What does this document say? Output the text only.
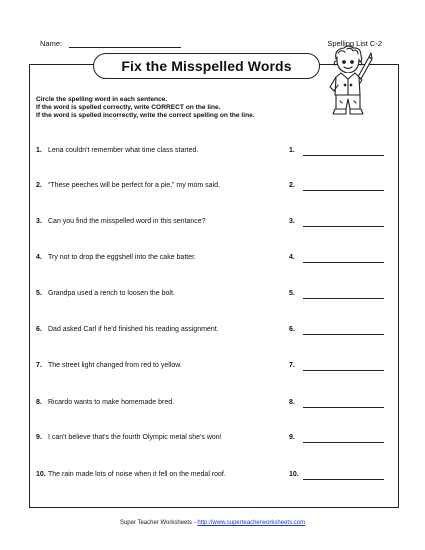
Name:	Spelling List C-2
Fix the Misspelled Words
Circle the spelling word in each sentence.
If the word is spelled correctly, write CORRECT on the line.
If the word is spelled incorrectly, write the correct spelling on the line.
1. Lena couldn't remember what time class started.	1.
2. “These peeches will be perfect for a pie,” my mom said.	2.
3. Can you find the misspelled word in this sentance?	3.
4. Try not to drop the eggshell into the cake batter.	4.
5. Grandpa used a rench to loosen the bolt.	5.
6. Dad asked Carl if he'd finished his reading assignment.	6.
7. The street light changed from red to yellow.	7.
8. Ricardo wants to make homemade bred.	8.
9. I can't believe that's the fourth Olympic metal she's won!	9.
10. The rain made lots of noise when it fell on the medal roof.	10.
Super Teacher Worksheets - http://www.superteacherworksheets.com
